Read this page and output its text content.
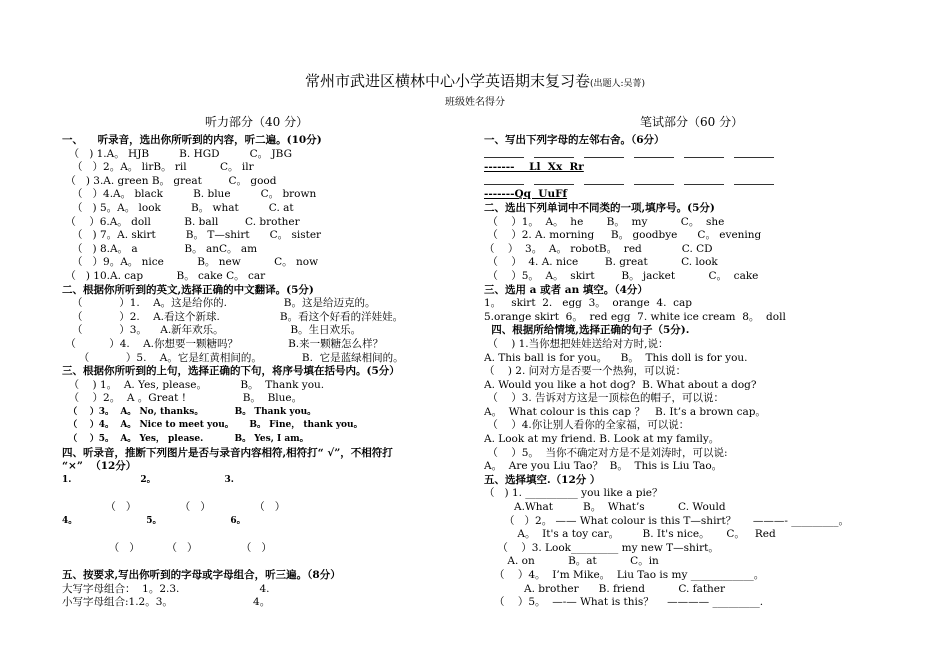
常州市武进区横林中心小学英语期末复习卷(出题人:吴菁)
班级姓名得分
听力部分（40 分）	笔试部分（60 分）
一、    听录音，选出你所听到的内容，听二遍。(10分)
（   ) 1.A。 HJB         B. HGD         C。 JBG
（   ）2。A。 lirB。 ril          C。 ilr
（   ) 3.A. green B。 great        C。 good
（   ）4.A。 black         B. blue         C。 brown
（   ) 5。A。 look         B。 what         C. at
（    ）6.A。 doll          B. ball        C. brother
（   ) 7。A. skirt         B。 T—shirt      C。 sister
（   ) 8.A。 a              B。 anC。 am
（   ）9。A。 nice          B。 new          C。 now
（   ) 10.A. cap          B。 cake C。 car
二、根据你所听到的英文,选择正确的中文翻译。(5分)
（           ）1.    A。这是给你的.                 B。这是给迈克的。
（           ）2.    A.看这个新球.                  B。看这个好看的洋娃娃。
（           ）3。    A.新年欢乐。                    B。生日欢乐。
（          ）4.    A.你想要一颗糖吗？               B.来一颗糖怎么样？
（           ）5.    A。它是红黄相间的。            B.  它是蓝绿相间的。
三、根据你所听到的上句，选择正确的下句，将序号填在括号内。(5分）
（    ) 1。  A. Yes, please。          B。  Thank you.
（    ）2。  A 。Great !                 B。  Blue。
（    ）3。  A。 No, thanks。          B。 Thank you。
（    ）4。  A。 Nice to meet you。     B。 Fine， thank you。
（    ）5。  A。 Yes， please.          B。 Yes, I am。
四、听录音，推断下列图片是否与录音内容相符,相符打“ √”，不相符打
“×”  （12分）
1.                      2。                      3.
（   ）             （   ）             （   ）
4。                      5。                      6。
（   ）        （   ）             （   ）
五、按要求,写出你听到的字母或字母组合，听三遍。（8分）
大写字母组合：  1。2.3.                        4.
小写字母组合:1.2。3。                        4。
一、写出下列字母的左邻右舍。（6分）
-------    Ll  Xx  Rr
-------Qq  UuFf
二、选出下列单词中不同类的一项,填序号。(5分)
（    ）1。  A。  he       B。  my          C。  she
（    ）2. A. morning     B。 goodbye      C。 evening
（    ）  3。  A。 robotB。  red            C. CD
（    ）  4. A. nice        B. great          C. look
（    ）5。  A。  skirt        B。 jacket          C。  cake
三、选用 a 或者 an 填空。（4分）
1。   skirt  2.   egg  3。  orange  4.  cap
5.orange skirt  6。  red egg  7. white ice cream  8。  doll
四、根据所给情境,选择正确的句子（5分).
（    ) 1.当你想把娃娃送给对方时,说：
A. This ball is for you。    B。  This doll is for you.
（    ) 2. 问对方是否要一个热狗，可以说：
A. Would you like a hot dog?  B. What about a dog?
（    ）3. 告诉对方这是一顶棕色的帽子，可以说：
A。  What colour is this cap ？   B. It’s a brown cap。
（    ）4.你让别人看你的全家福，可以说：
A. Look at my friend. B. Look at my family。
（    ）5。  当你不确定对方是不是刘涛时，可以说:
A。  Are you Liu Tao？  B。  This is Liu Tao。
五、选择填空.（12分 ）
（   ) 1. __________ you like a pie？
A.What         B。  What’s          C. Would
（   ）2。 —— What colour is this T—shirt？     ———- _________。
A。  It's a toy car。       B. It's nice。     C。   Red
（    ）3. Look_________ my new T—shirt。
A. on          B。at          C。in
（    ）4。  I’m Mike。  Liu Tao is my ____________。
A. brother      B. friend          C. father
（    ）5。  —-— What is this？    ———— _________.
